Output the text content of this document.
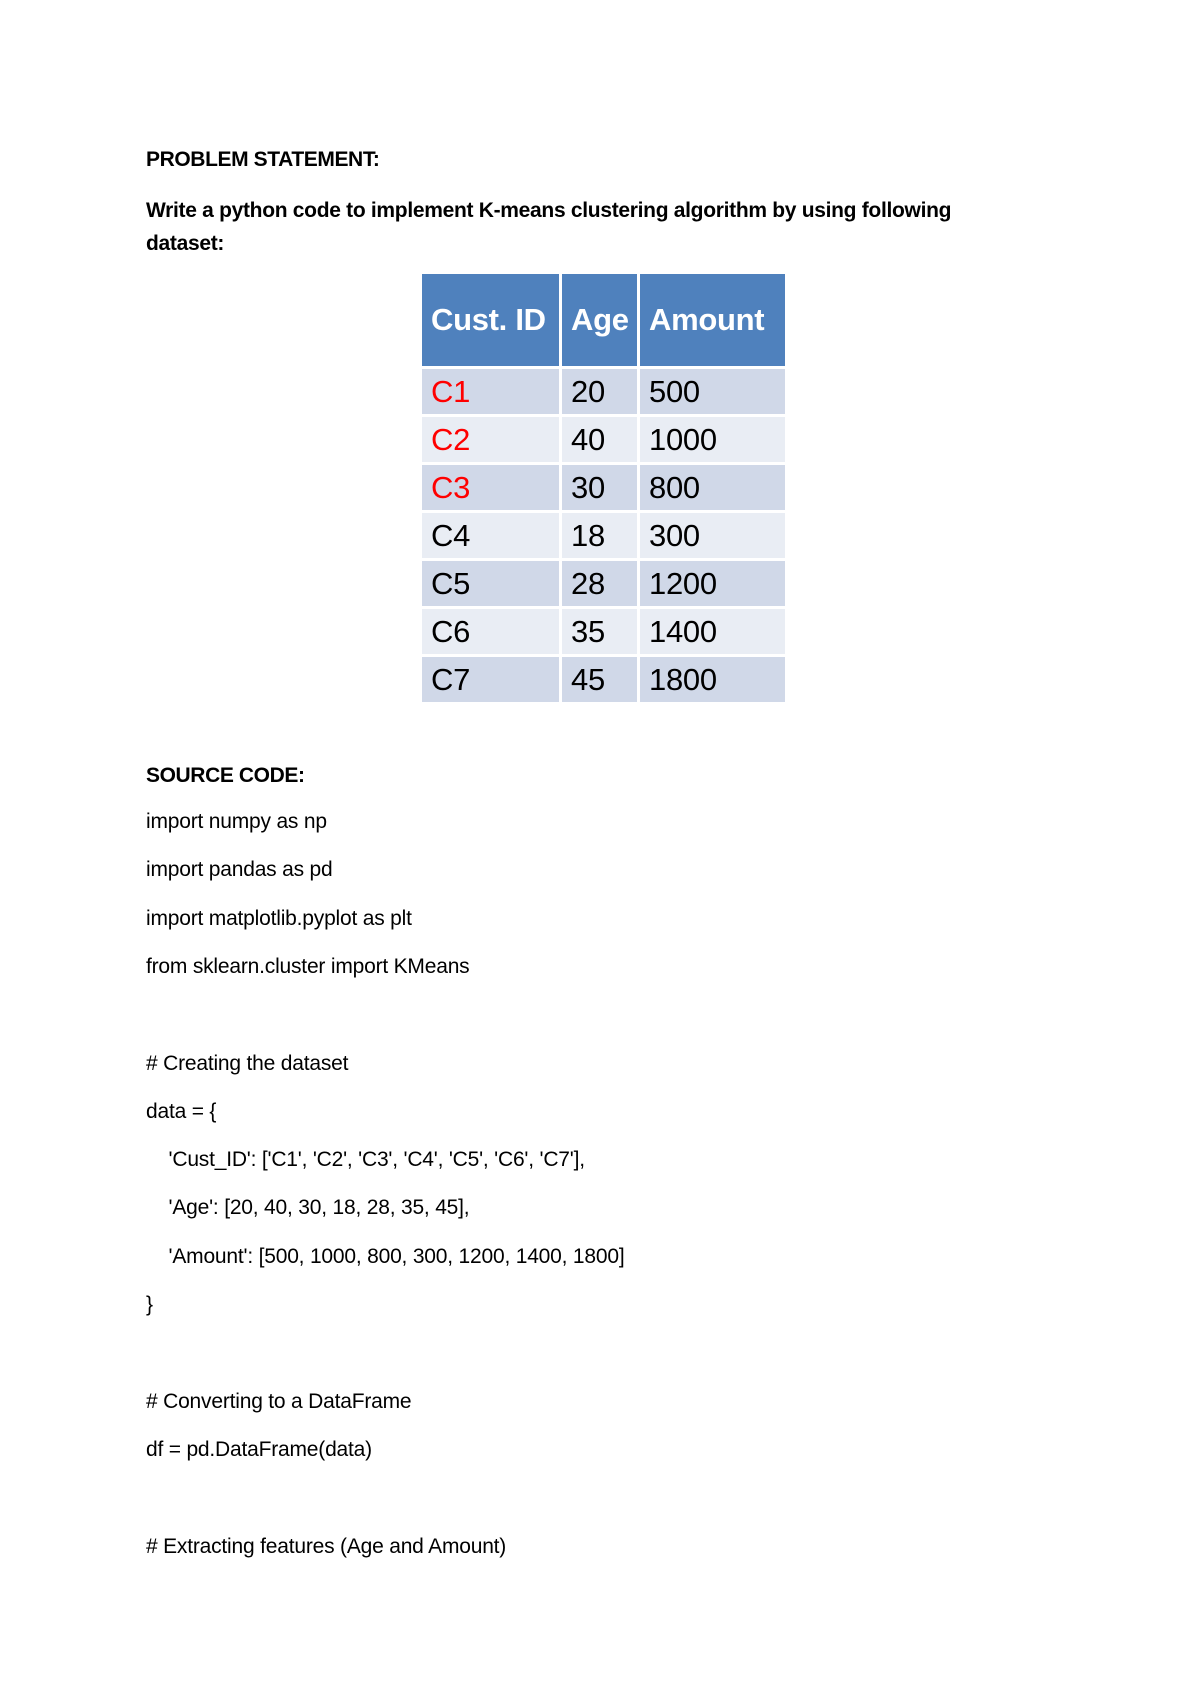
PROBLEM STATEMENT:
Write a python code to implement K-means clustering algorithm by using following dataset:
Cust. ID	Age	Amount
C1	20	500
C2	40	1000
C3	30	800
C4	18	300
C5	28	1200
C6	35	1400
C7	45	1800
SOURCE CODE:
import numpy as np
import pandas as pd
import matplotlib.pyplot as plt
from sklearn.cluster import KMeans
# Creating the dataset
data = {
'Cust_ID': ['C1', 'C2', 'C3', 'C4', 'C5', 'C6', 'C7'],
'Age': [20, 40, 30, 18, 28, 35, 45],
'Amount': [500, 1000, 800, 300, 1200, 1400, 1800]
}
# Converting to a DataFrame
df = pd.DataFrame(data)
# Extracting features (Age and Amount)
